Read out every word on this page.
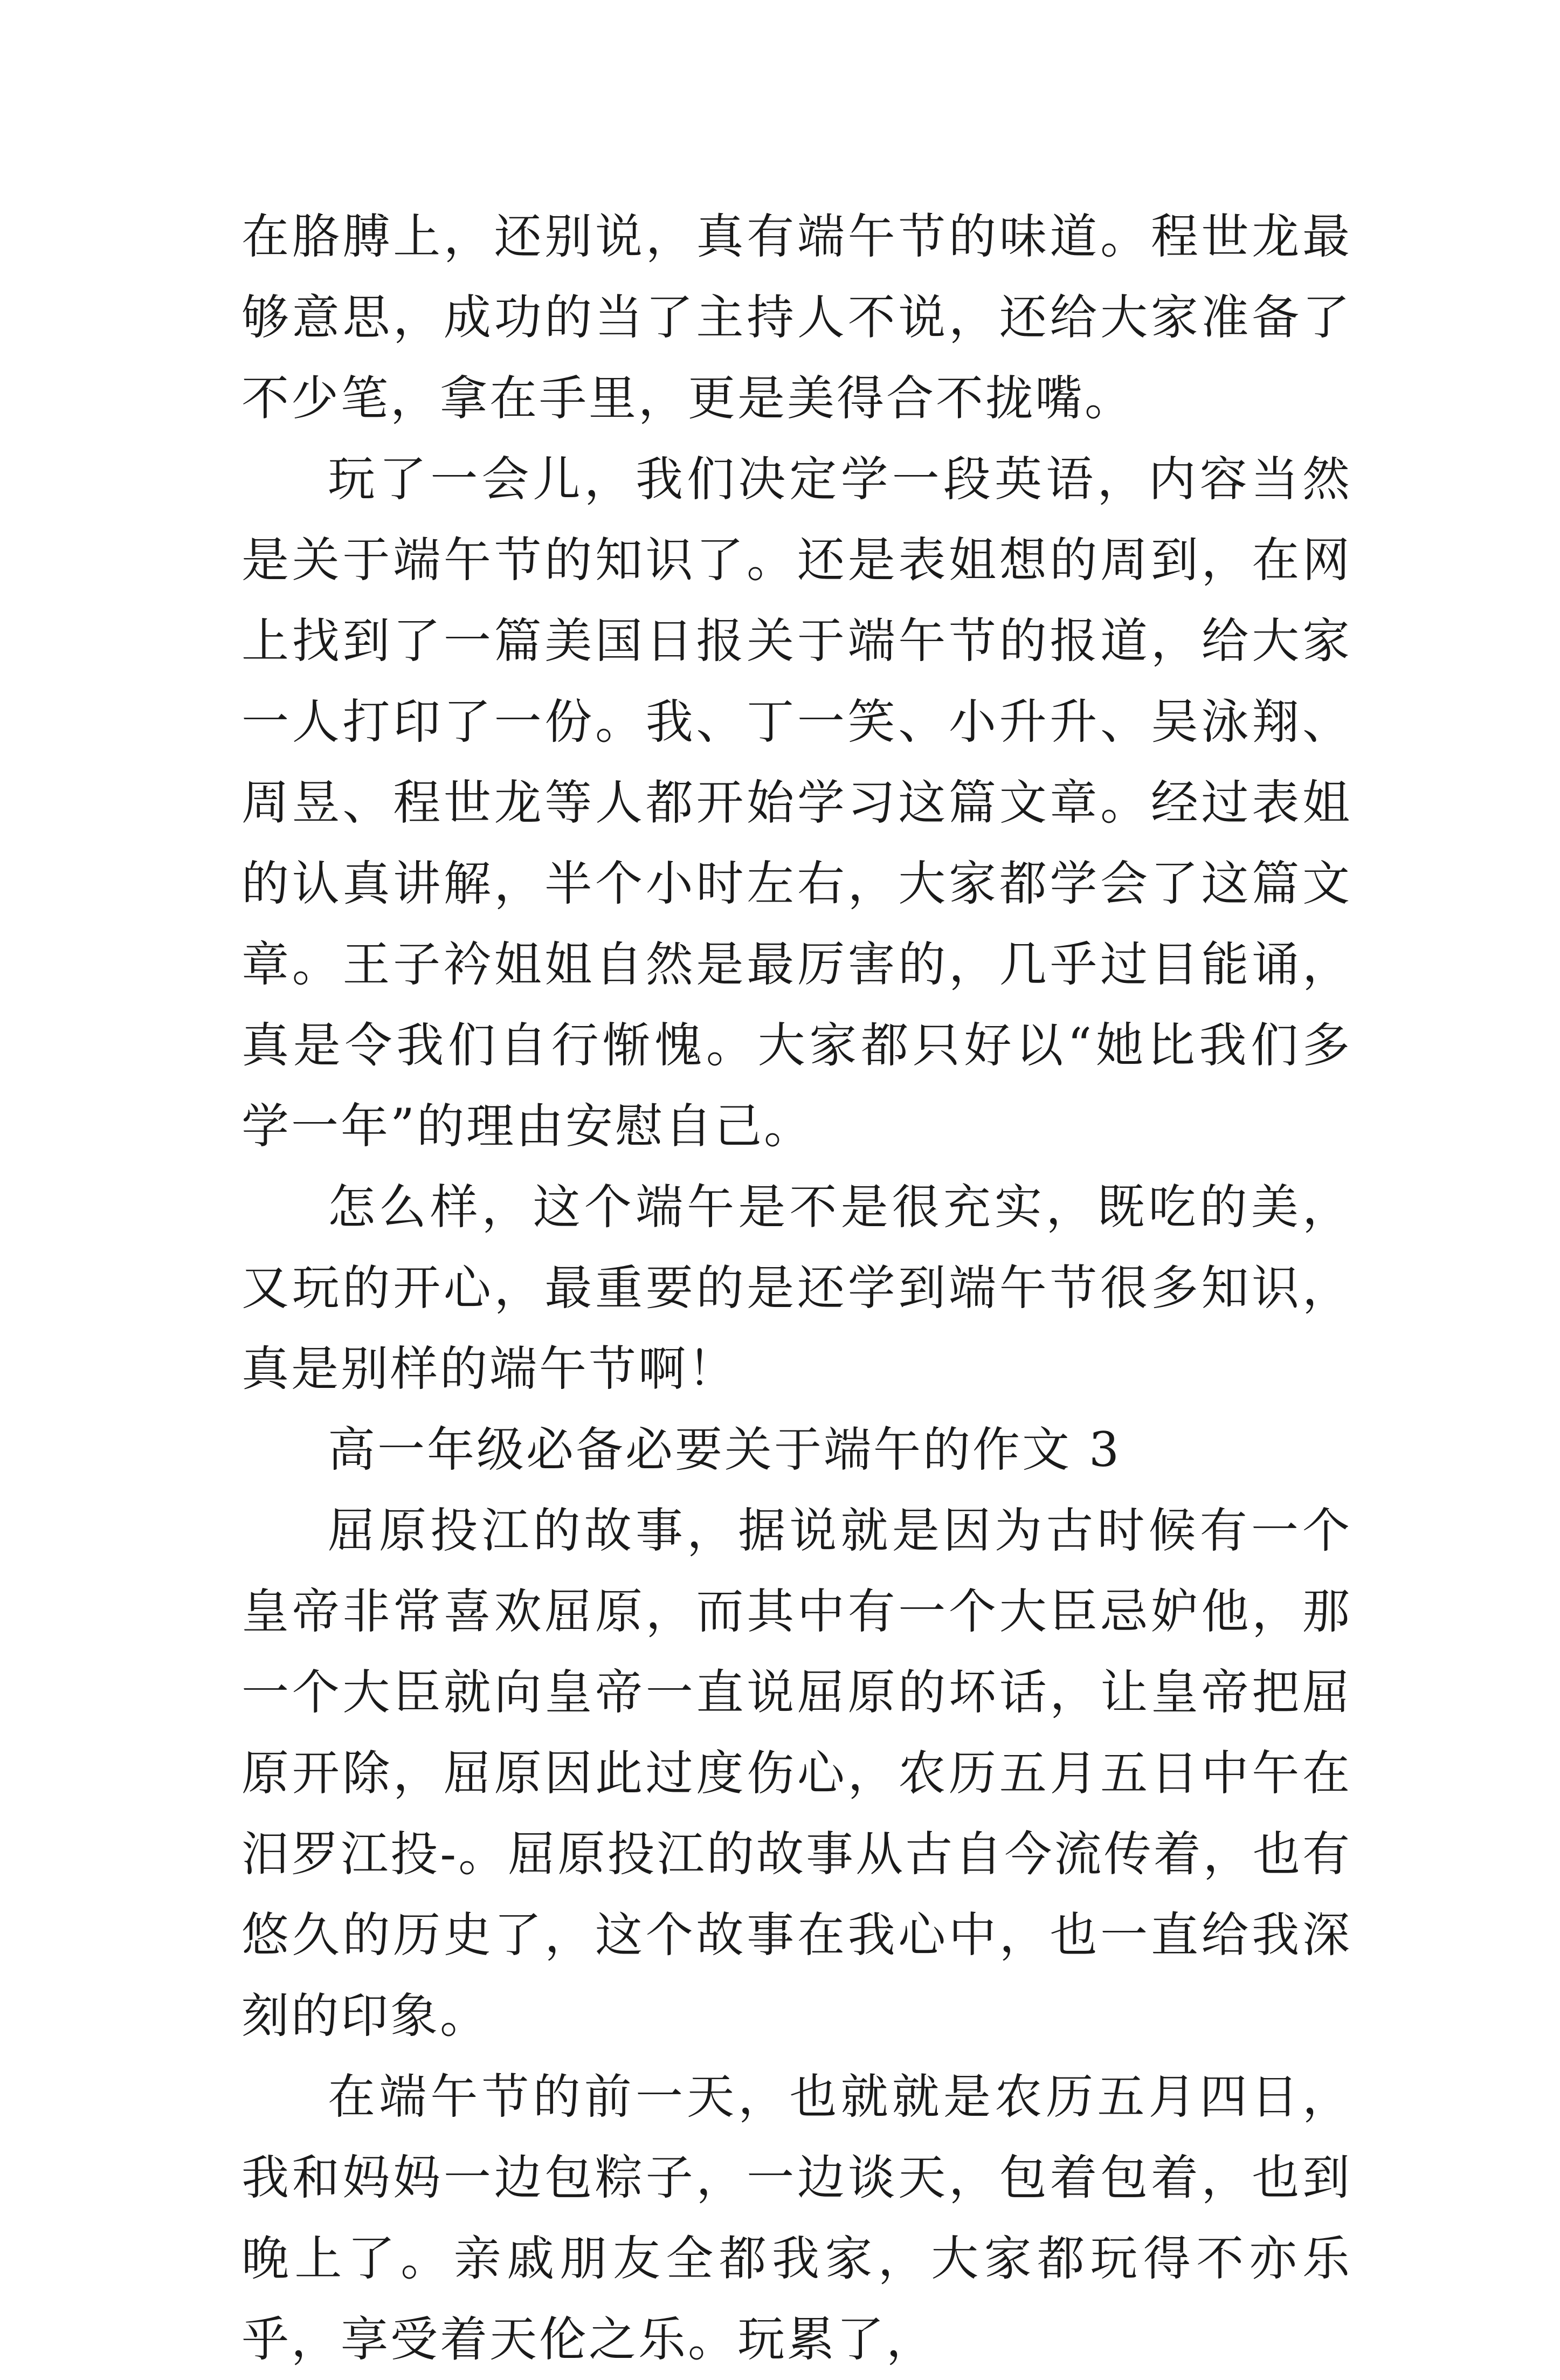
在胳膊上，还别说，真有端午节的味道。程世龙最够意思，成功的当了主持人不说，还给大家准备了不少笔，拿在手里，更是美得合不拢嘴。

玩了一会儿，我们决定学一段英语，内容当然是关于端午节的知识了。还是表姐想的周到，在网上找到了一篇美国日报关于端午节的报道，给大家一人打印了一份。我、丁一笑、小升升、吴泳翔、周昱、程世龙等人都开始学习这篇文章。经过表姐的认真讲解，半个小时左右，大家都学会了这篇文章。王子衿姐姐自然是最厉害的，几乎过目能诵，真是令我们自行惭愧。大家都只好以“她比我们多学一年”的理由安慰自己。

怎么样，这个端午是不是很充实，既吃的美，又玩的开心，最重要的是还学到端午节很多知识，真是别样的端午节啊！

高一年级必备必要关于端午的作文 3

屈原投江的故事，据说就是因为古时候有一个皇帝非常喜欢屈原，而其中有一个大臣忌妒他，那一个大臣就向皇帝一直说屈原的坏话，让皇帝把屈原开除，屈原因此过度伤心，农历五月五日中午在汨罗江投-。屈原投江的故事从古自今流传着，也有悠久的历史了，这个故事在我心中，也一直给我深刻的印象。

在端午节的前一天，也就就是农历五月四日，我和妈妈一边包粽子，一边谈天，包着包着，也到晚上了。亲戚朋友全都我家，大家都玩得不亦乐乎，享受着天伦之乐。玩累了，
